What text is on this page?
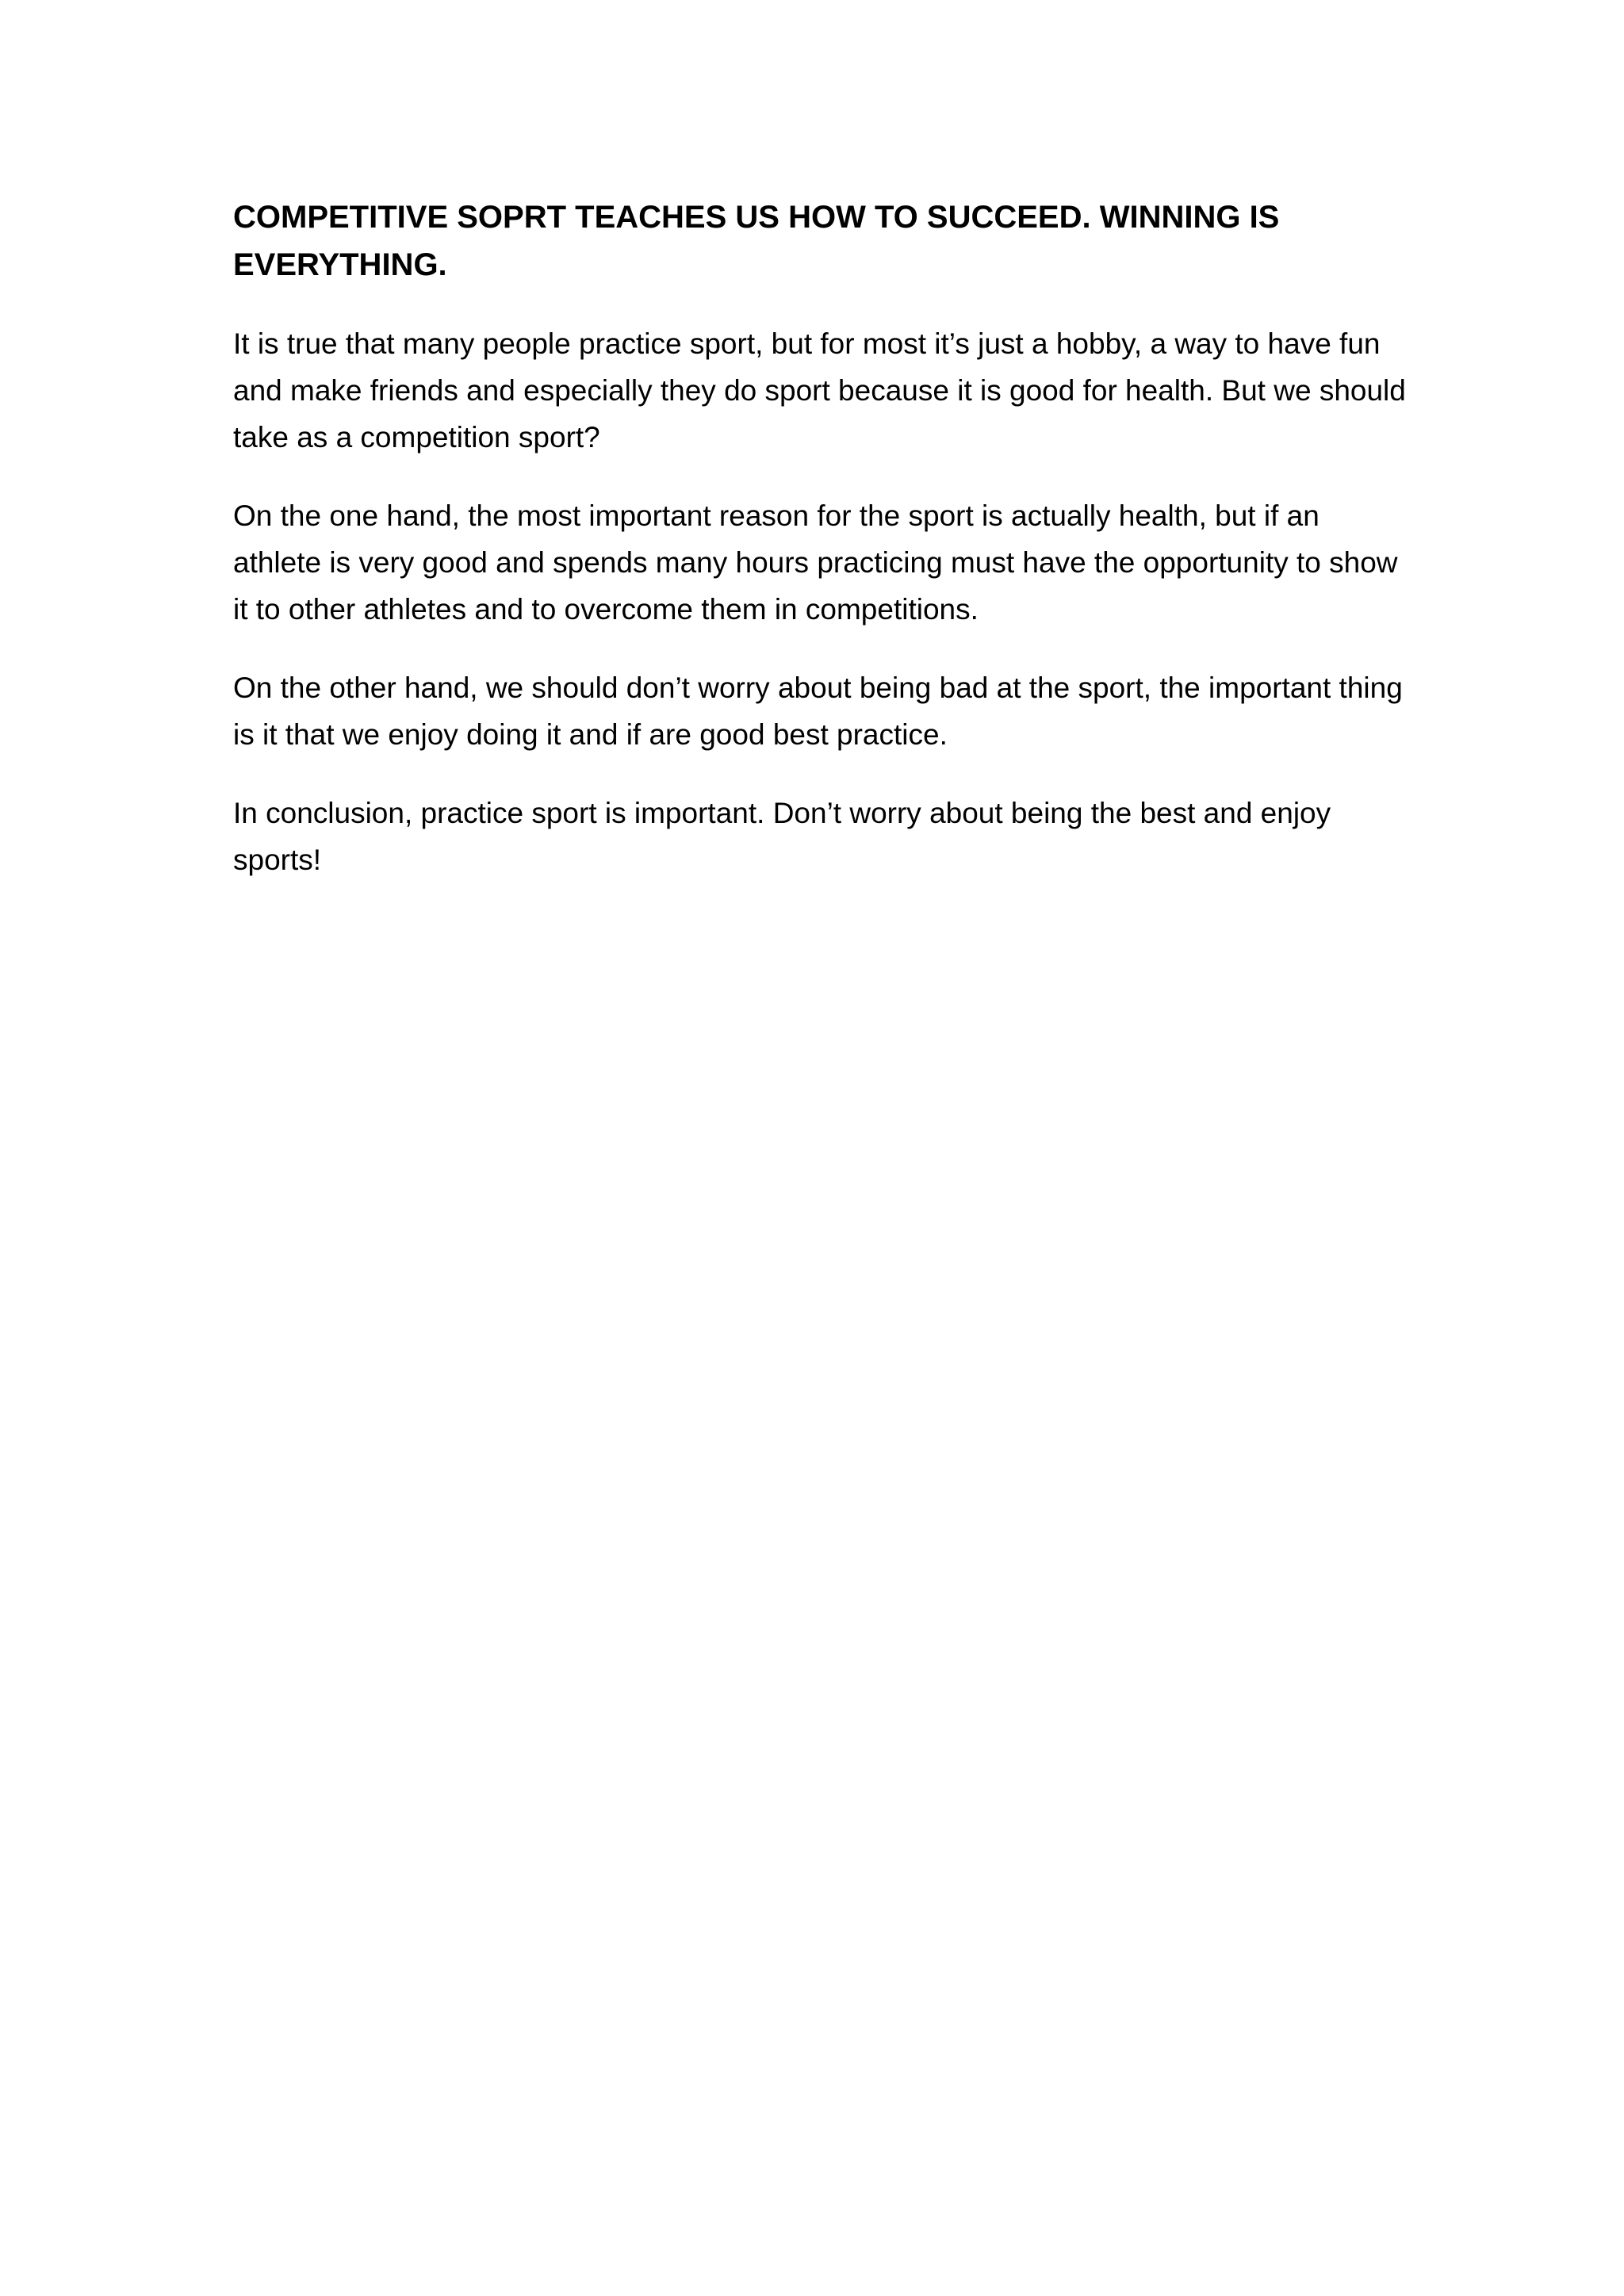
COMPETITIVE SOPRT TEACHES US HOW TO SUCCEED. WINNING IS EVERYTHING.

It is true that many people practice sport, but for most it’s just a hobby, a way to have fun and make friends and especially they do sport because it is good for health. But we should take as a competition sport?

On the one hand, the most important reason for the sport is actually health, but if an athlete is very good and spends many hours practicing must have the opportunity to show it to other athletes and to overcome them in competitions.

On the other hand, we should don’t worry about being bad at the sport, the important thing is it that we enjoy doing it and if are good best practice.

In conclusion, practice sport is important. Don’t worry about being the best and enjoy sports!
